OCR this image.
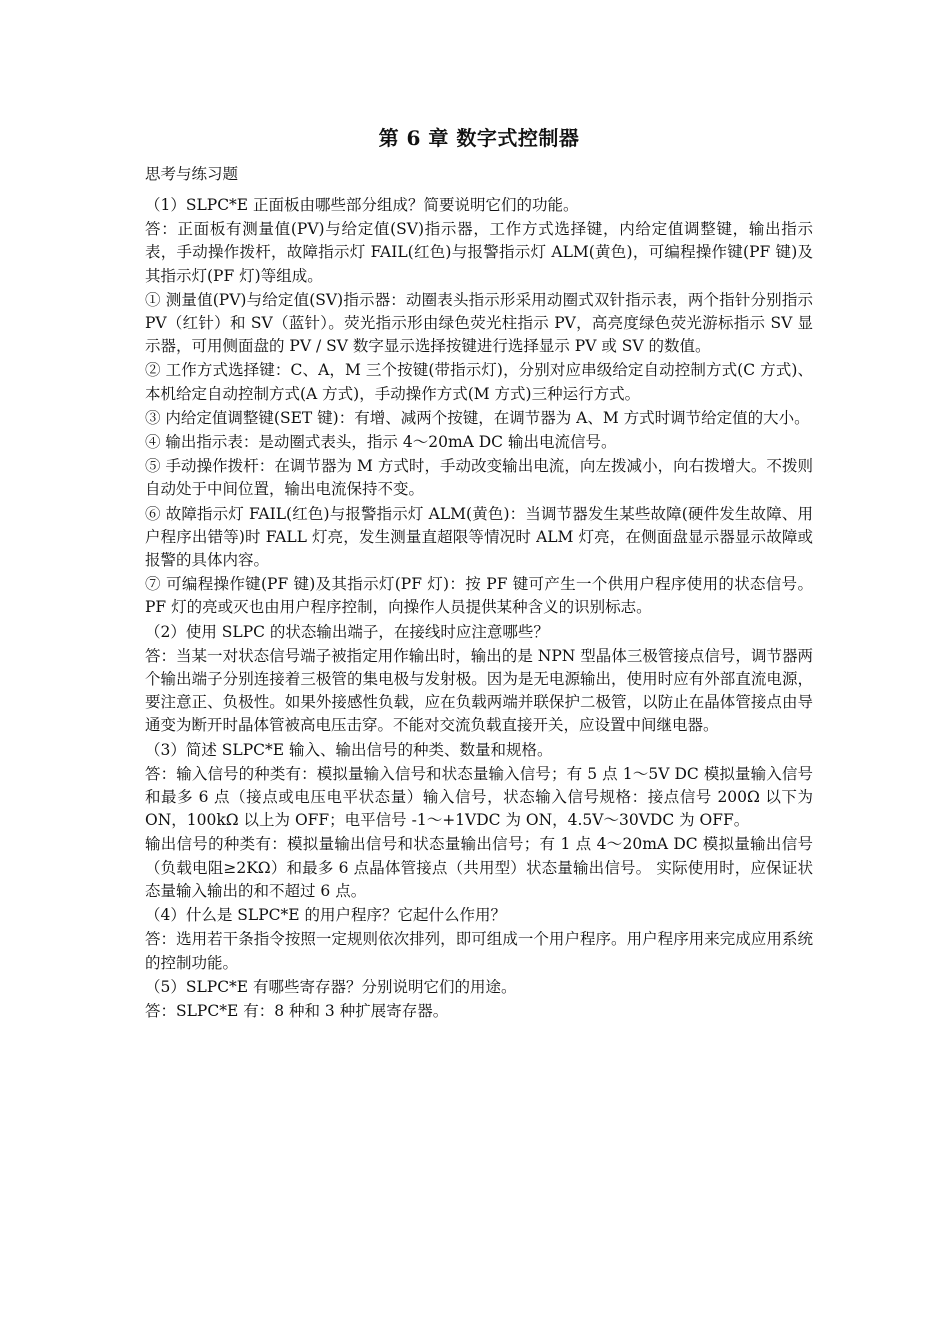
第 6 章 数字式控制器
思考与练习题

（1）SLPC*E 正面板由哪些部分组成？简要说明它们的功能。

答：正面板有测量值(PV)与给定值(SV)指示器，工作方式选择键，内给定值调整键，输出指示表，手动操作拨杆，故障指示灯 FAIL(红色)与报警指示灯 ALM(黄色)，可编程操作键(PF 键)及其指示灯(PF 灯)等组成。

① 测量值(PV)与给定值(SV)指示器：动圈表头指示形采用动圈式双针指示表，两个指针分别指示 PV（红针）和 SV（蓝针）。荧光指示形由绿色荧光柱指示 PV，高亮度绿色荧光游标指示 SV 显示器，可用侧面盘的 PV / SV 数字显示选择按键进行选择显示 PV 或 SV 的数值。

② 工作方式选择键：C、A，M 三个按键(带指示灯)，分别对应串级给定自动控制方式(C 方式)、本机给定自动控制方式(A 方式)，手动操作方式(M 方式)三种运行方式。

③ 内给定值调整键(SET 键)：有增、减两个按键，在调节器为 A、M 方式时调节给定值的大小。

④ 输出指示表：是动圈式表头，指示 4～20mA DC 输出电流信号。

⑤ 手动操作拨杆：在调节器为 M 方式时，手动改变输出电流，向左拨减小，向右拨增大。不拨则自动处于中间位置，输出电流保持不变。

⑥ 故障指示灯 FAIL(红色)与报警指示灯 ALM(黄色)：当调节器发生某些故障(硬件发生故障、用户程序出错等)时 FALL 灯亮，发生测量直超限等情况时 ALM 灯亮，在侧面盘显示器显示故障或报警的具体内容。

⑦ 可编程操作键(PF 键)及其指示灯(PF 灯)：按 PF 键可产生一个供用户程序使用的状态信号。PF 灯的亮或灭也由用户程序控制，向操作人员提供某种含义的识别标志。

（2）使用 SLPC 的状态输出端子，在接线时应注意哪些？

答：当某一对状态信号端子被指定用作输出时，输出的是 NPN 型晶体三极管接点信号，调节器两个输出端子分别连接着三极管的集电极与发射极。因为是无电源输出，使用时应有外部直流电源，要注意正、负极性。如果外接感性负载，应在负载两端并联保护二极管，以防止在晶体管接点由导通变为断开时晶体管被高电压击穿。不能对交流负载直接开关，应设置中间继电器。

（3）简述 SLPC*E 输入、输出信号的种类、数量和规格。

答：输入信号的种类有：模拟量输入信号和状态量输入信号；有 5 点 1～5V DC 模拟量输入信号和最多 6 点（接点或电压电平状态量）输入信号，状态输入信号规格：接点信号 200Ω 以下为 ON，100kΩ 以上为 OFF；电平信号 -1～+1VDC 为 ON，4.5V～30VDC 为 OFF。

输出信号的种类有：模拟量输出信号和状态量输出信号；有 1 点 4～20mA DC 模拟量输出信号（负载电阻≥2KΩ）和最多 6 点晶体管接点（共用型）状态量输出信号。 实际使用时，应保证状态量输入输出的和不超过 6 点。

（4）什么是 SLPC*E 的用户程序？它起什么作用？

答：选用若干条指令按照一定规则依次排列，即可组成一个用户程序。用户程序用来完成应用系统的控制功能。

（5）SLPC*E 有哪些寄存器？分别说明它们的用途。

答：SLPC*E 有：8 种和 3 种扩展寄存器。
